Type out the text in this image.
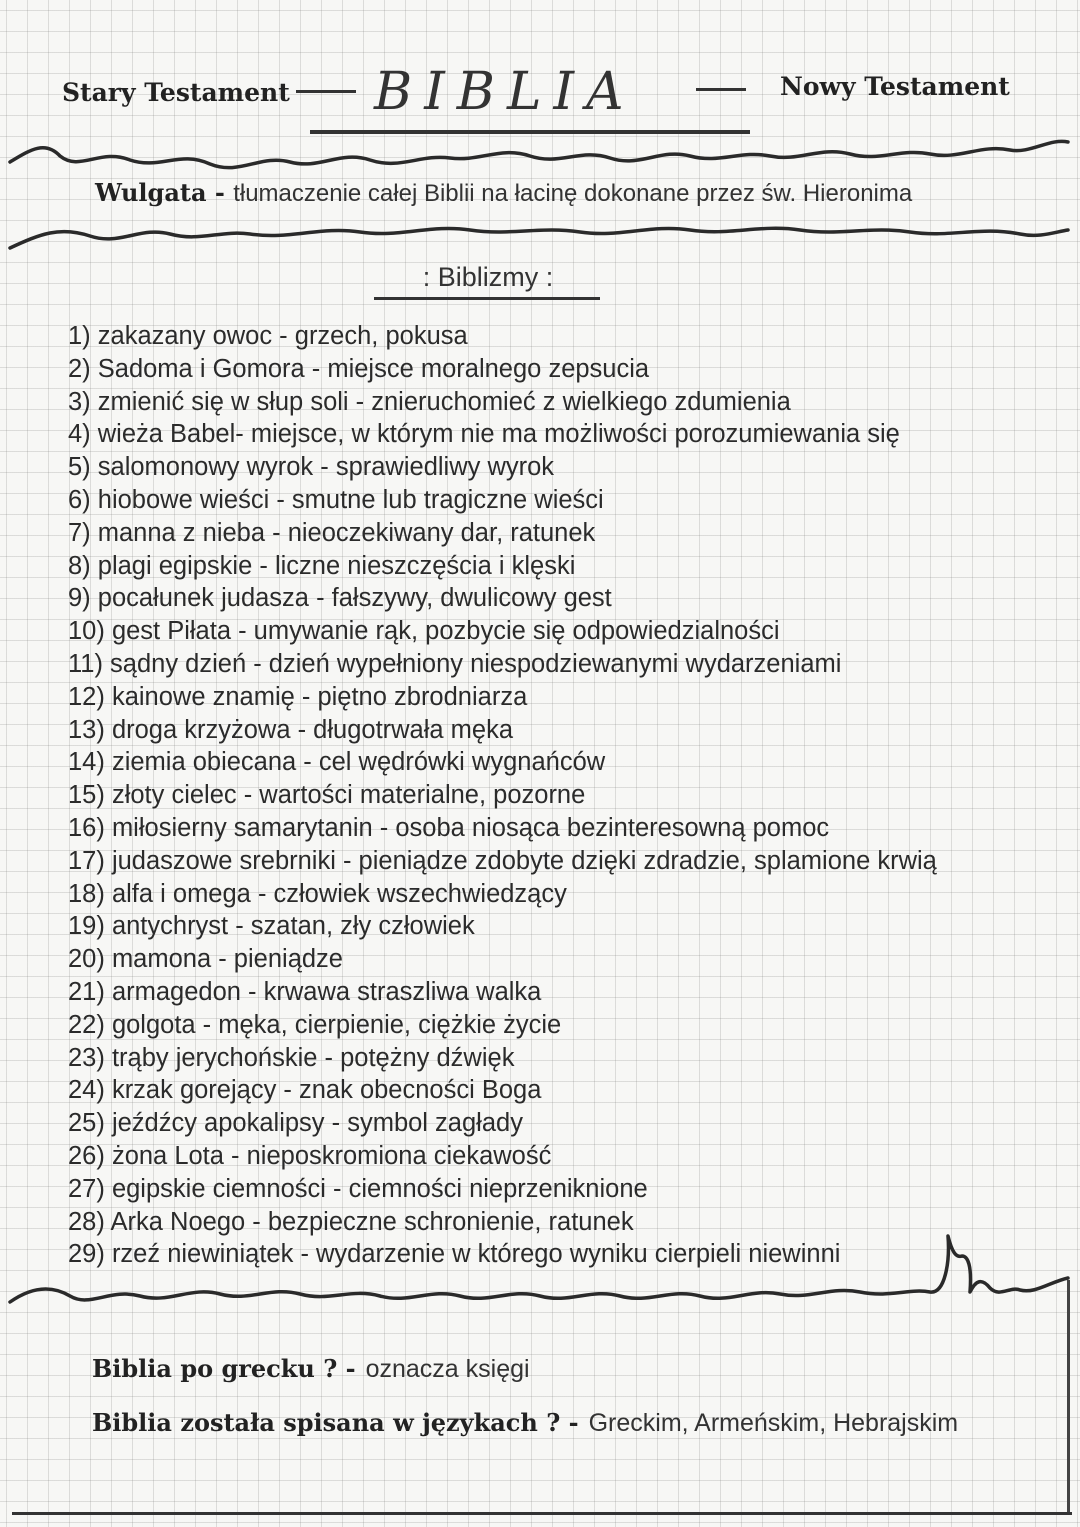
Stary Testament BIBLIA	Nowy Testament
Wulgata - tłumaczenie całej Biblii na łacinę dokonane przez św. Hieronima
: Biblizmy :
1) zakazany owoc - grzech, pokusa
2) Sadoma i Gomora - miejsce moralnego zepsucia
3) zmienić się w słup soli - znieruchomieć z wielkiego zdumienia
4) wieża Babel- miejsce, w którym nie ma możliwości porozumiewania się
5) salomonowy wyrok - sprawiedliwy wyrok
6) hiobowe wieści - smutne lub tragiczne wieści
7) manna z nieba - nieoczekiwany dar, ratunek
8) plagi egipskie - liczne nieszczęścia i klęski
9) pocałunek judasza - fałszywy, dwulicowy gest
10) gest Piłata - umywanie rąk, pozbycie się odpowiedzialności
11) sądny dzień - dzień wypełniony niespodziewanymi wydarzeniami
12) kainowe znamię - piętno zbrodniarza
13) droga krzyżowa - długotrwała męka
14) ziemia obiecana - cel wędrówki wygnańców
15) złoty cielec - wartości materialne, pozorne
16) miłosierny samarytanin - osoba niosąca bezinteresowną pomoc
17) judaszowe srebrniki - pieniądze zdobyte dzięki zdradzie, splamione krwią
18) alfa i omega - człowiek wszechwiedzący
19) antychryst - szatan, zły człowiek
20) mamona - pieniądze
21) armagedon - krwawa straszliwa walka
22) golgota - męka, cierpienie, ciężkie życie
23) trąby jerychońskie - potężny dźwięk
24) krzak gorejący - znak obecności Boga
25) jeźdźcy apokalipsy - symbol zagłady
26) żona Lota - nieposkromiona ciekawość
27) egipskie ciemności - ciemności nieprzeniknione
28) Arka Noego - bezpieczne schronienie, ratunek
29) rzeź niewiniątek - wydarzenie w którego wyniku cierpieli niewinni
Biblia po grecku ? - oznacza księgi
Biblia została spisana w językach ? - Greckim, Armeńskim, Hebrajskim
